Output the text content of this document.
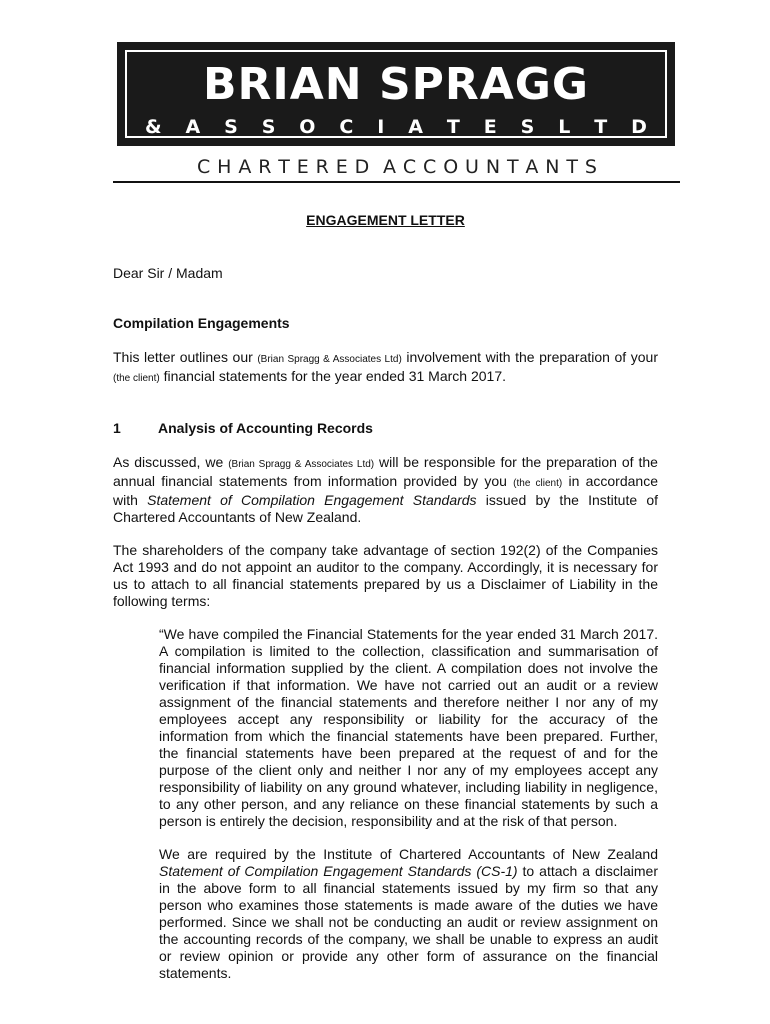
BRIAN SPRAGG
& A S S O C I A T E S L T D
C H A R T E R E D A C C O U N T A N T S
ENGAGEMENT LETTER

Dear Sir / Madam

Compilation Engagements

This letter outlines our (Brian Spragg & Associates Ltd) involvement with the preparation of your (the client) financial statements for the year ended 31 March 2017.

1	Analysis of Accounting Records

As discussed, we (Brian Spragg & Associates Ltd) will be responsible for the preparation of the annual financial statements from information provided by you (the client) in accordance with Statement of Compilation Engagement Standards issued by the Institute of Chartered Accountants of New Zealand.

The shareholders of the company take advantage of section 192(2) of the Companies Act 1993 and do not appoint an auditor to the company. Accordingly, it is necessary for us to attach to all financial statements prepared by us a Disclaimer of Liability in the following terms:

“We have compiled the Financial Statements for the year ended 31 March 2017. A compilation is limited to the collection, classification and summarisation of financial information supplied by the client. A compilation does not involve the verification if that information. We have not carried out an audit or a review assignment of the financial statements and therefore neither I nor any of my employees accept any responsibility or liability for the accuracy of the information from which the financial statements have been prepared. Further, the financial statements have been prepared at the request of and for the purpose of the client only and neither I nor any of my employees accept any responsibility of liability on any ground whatever, including liability in negligence, to any other person, and any reliance on these financial statements by such a person is entirely the decision, responsibility and at the risk of that person.

We are required by the Institute of Chartered Accountants of New Zealand Statement of Compilation Engagement Standards (CS-1) to attach a disclaimer in the above form to all financial statements issued by my firm so that any person who examines those statements is made aware of the duties we have performed. Since we shall not be conducting an audit or review assignment on the accounting records of the company, we shall be unable to express an audit or review opinion or provide any other form of assurance on the financial statements.
